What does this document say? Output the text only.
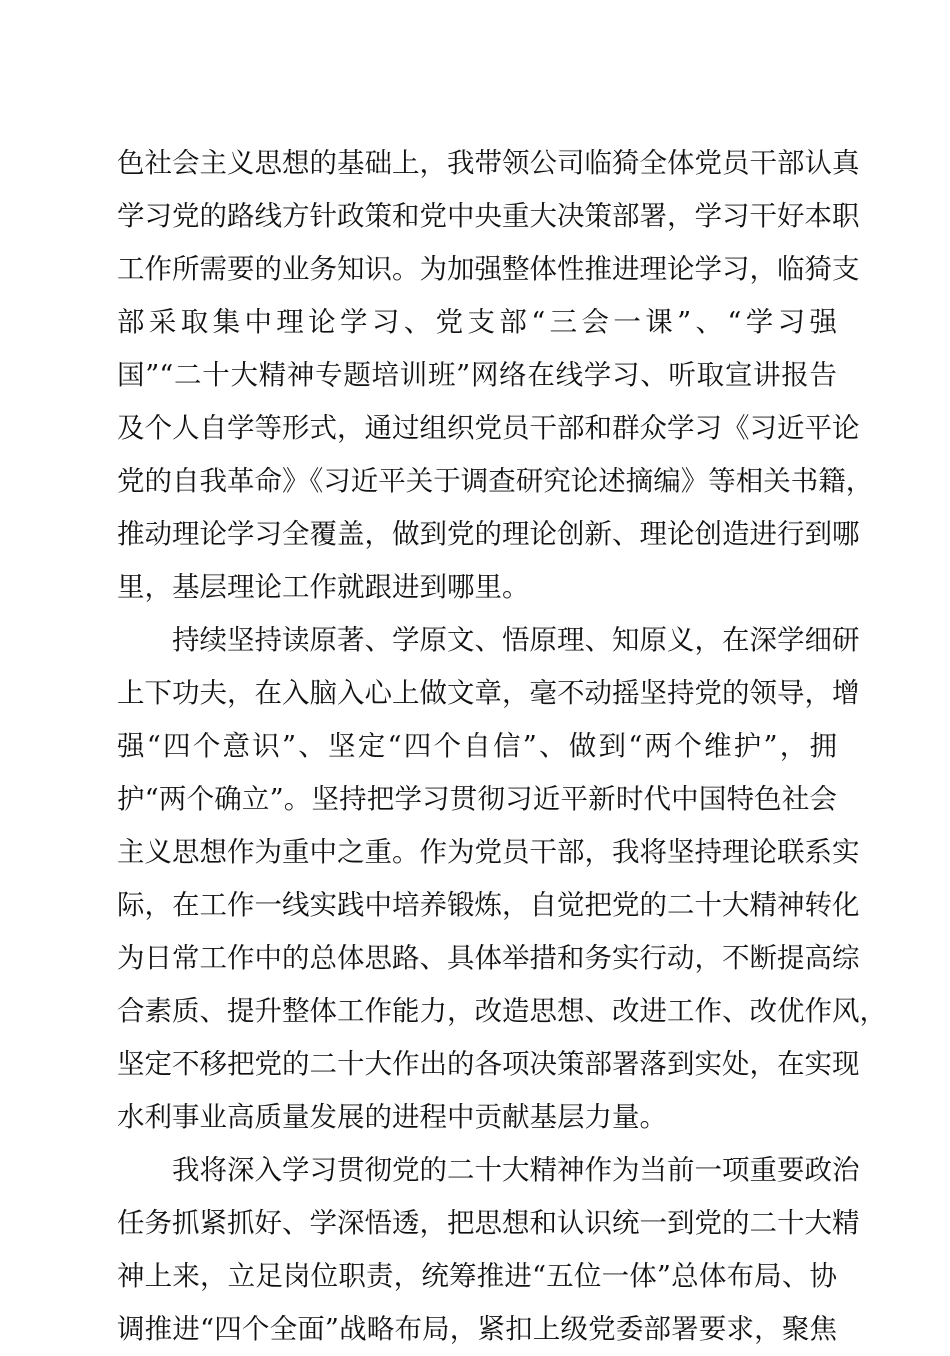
色社会主义思想的基础上，我带领公司临猗全体党员干部认真
学习党的路线方针政策和党中央重大决策部署，学习干好本职
工作所需要的业务知识。为加强整体性推进理论学习，临猗支
部采取集中理论学习、党支部“三会一课”、“学习强
国”“二十大精神专题培训班”网络在线学习、听取宣讲报告
及个人自学等形式，通过组织党员干部和群众学习《习近平论
党的自我革命》《习近平关于调查研究论述摘编》等相关书籍，
推动理论学习全覆盖，做到党的理论创新、理论创造进行到哪
里，基层理论工作就跟进到哪里。
持续坚持读原著、学原文、悟原理、知原义，在深学细研
上下功夫，在入脑入心上做文章，毫不动摇坚持党的领导，增
强“四个意识”、坚定“四个自信”、做到“两个维护”，拥
护“两个确立”。坚持把学习贯彻习近平新时代中国特色社会
主义思想作为重中之重。作为党员干部，我将坚持理论联系实
际，在工作一线实践中培养锻炼，自觉把党的二十大精神转化
为日常工作中的总体思路、具体举措和务实行动，不断提高综
合素质、提升整体工作能力，改造思想、改进工作、改优作风，
坚定不移把党的二十大作出的各项决策部署落到实处，在实现
水利事业高质量发展的进程中贡献基层力量。
我将深入学习贯彻党的二十大精神作为当前一项重要政治
任务抓紧抓好、学深悟透，把思想和认识统一到党的二十大精
神上来，立足岗位职责，统筹推进“五位一体”总体布局、协
调推进“四个全面”战略布局，紧扣上级党委部署要求，聚焦
